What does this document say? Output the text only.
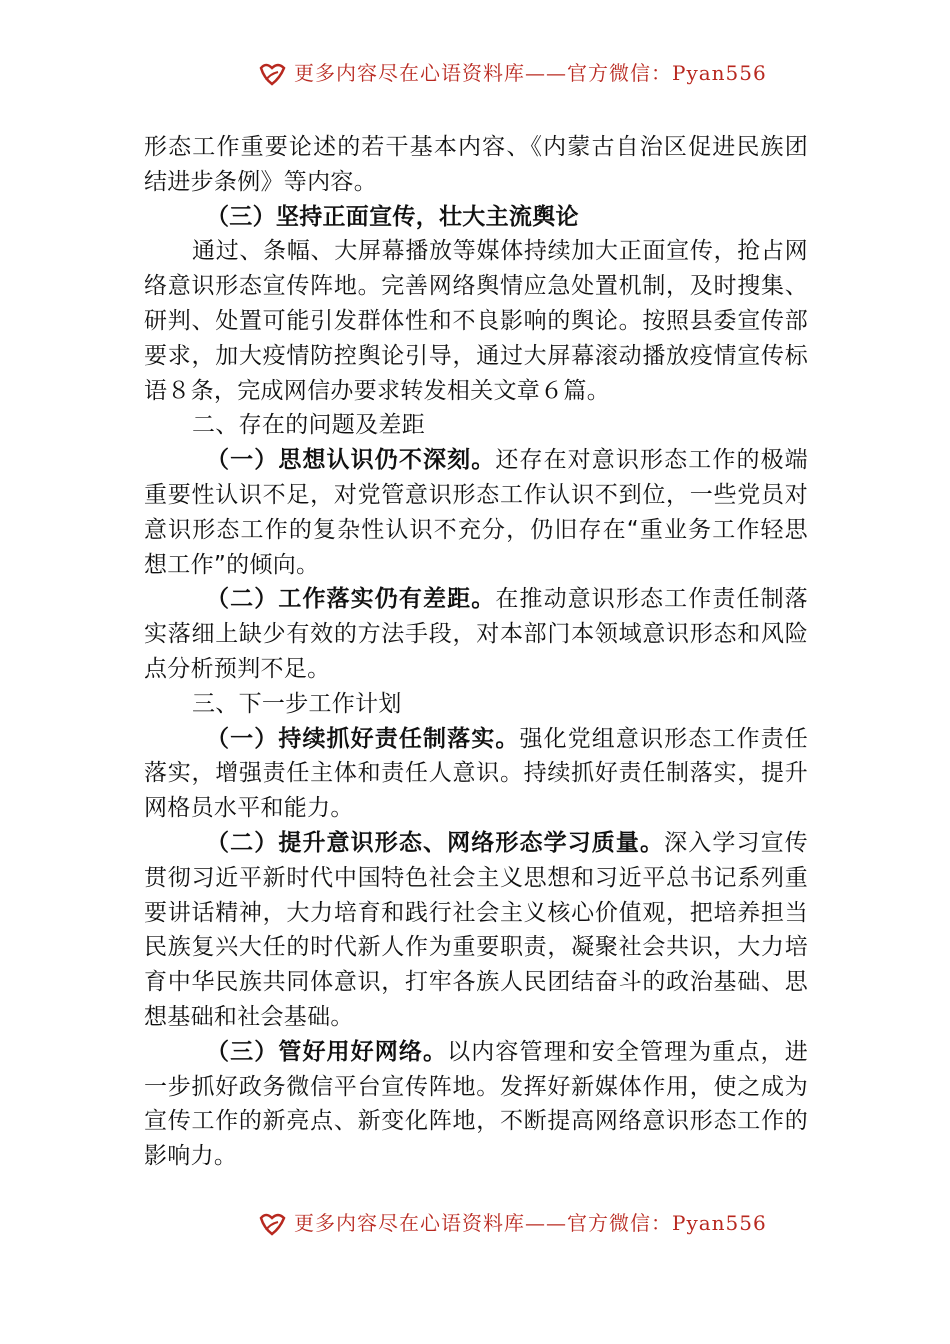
更多内容尽在心语资料库——官方微信：Pyan556

形态工作重要论述的若干基本内容、《内蒙古自治区促进民族团结进步条例》等内容。

（三）坚持正面宣传，壮大主流舆论

通过、条幅、大屏幕播放等媒体持续加大正面宣传，抢占网络意识形态宣传阵地。完善网络舆情应急处置机制，及时搜集、研判、处置可能引发群体性和不良影响的舆论。按照县委宣传部要求，加大疫情防控舆论引导，通过大屏幕滚动播放疫情宣传标语８条，完成网信办要求转发相关文章６篇。

二、存在的问题及差距

（一）思想认识仍不深刻。还存在对意识形态工作的极端重要性认识不足，对党管意识形态工作认识不到位，一些党员对意识形态工作的复杂性认识不充分，仍旧存在“重业务工作轻思想工作”的倾向。

（二）工作落实仍有差距。在推动意识形态工作责任制落实落细上缺少有效的方法手段，对本部门本领域意识形态和风险点分析预判不足。

三、下一步工作计划

（一）持续抓好责任制落实。强化党组意识形态工作责任落实，增强责任主体和责任人意识。持续抓好责任制落实，提升网格员水平和能力。

（二）提升意识形态、网络形态学习质量。深入学习宣传贯彻习近平新时代中国特色社会主义思想和习近平总书记系列重要讲话精神，大力培育和践行社会主义核心价值观，把培养担当民族复兴大任的时代新人作为重要职责，凝聚社会共识，大力培育中华民族共同体意识，打牢各族人民团结奋斗的政治基础、思想基础和社会基础。

（三）管好用好网络。以内容管理和安全管理为重点，进一步抓好政务微信平台宣传阵地。发挥好新媒体作用，使之成为宣传工作的新亮点、新变化阵地，不断提高网络意识形态工作的影响力。

更多内容尽在心语资料库——官方微信：Pyan556
